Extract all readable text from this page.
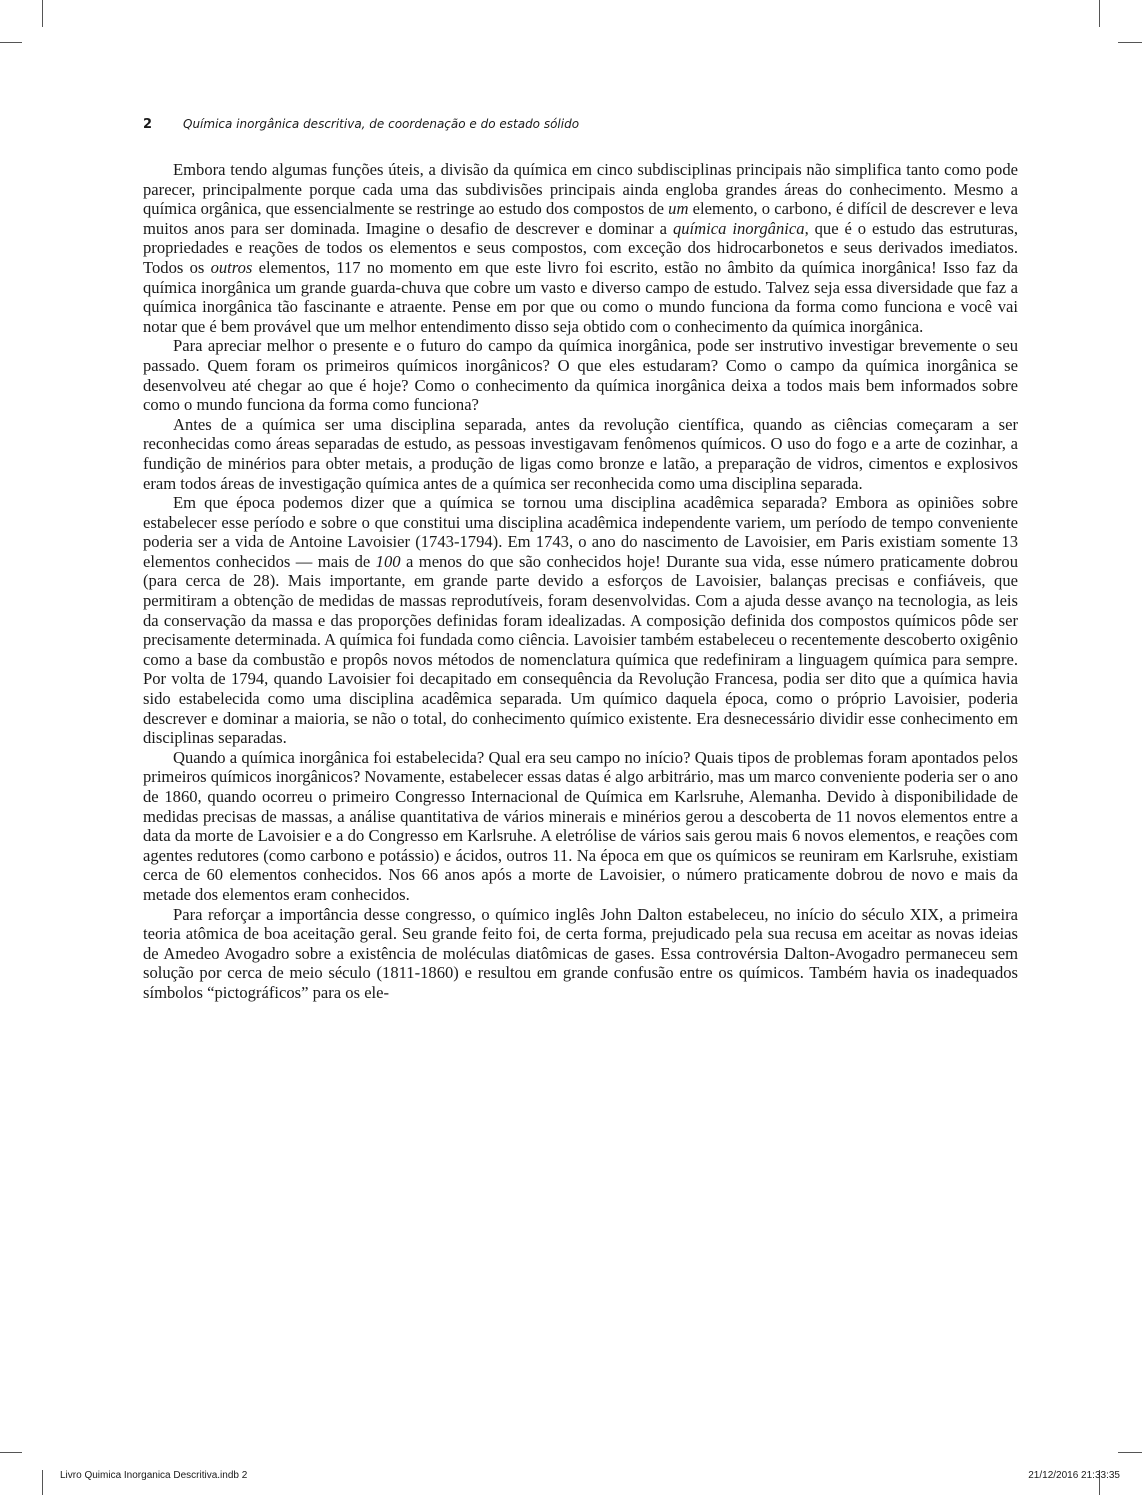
2	Química inorgânica descritiva, de coordenação e do estado sólido

Embora tendo algumas funções úteis, a divisão da química em cinco subdisciplinas principais não simplifica tanto como pode parecer, principalmente porque cada uma das subdivisões principais ainda engloba grandes áreas do conhecimento. Mesmo a química orgânica, que essencialmente se restringe ao estudo dos compostos de um elemento, o carbono, é difícil de descrever e leva muitos anos para ser dominada. Imagine o desafio de descrever e dominar a química inorgânica, que é o estudo das estruturas, propriedades e reações de todos os elementos e seus compostos, com exceção dos hidrocarbonetos e seus derivados imediatos. Todos os outros elementos, 117 no momento em que este livro foi escrito, estão no âmbito da química inorgânica! Isso faz da química inorgânica um grande guarda-chuva que cobre um vasto e diverso campo de estudo. Talvez seja essa diversidade que faz a química inorgânica tão fascinante e atraente. Pense em por que ou como o mundo funciona da forma como funciona e você vai notar que é bem provável que um melhor entendimento disso seja obtido com o conhecimento da química inorgânica.

Para apreciar melhor o presente e o futuro do campo da química inorgânica, pode ser instrutivo investigar brevemente o seu passado. Quem foram os primeiros químicos inorgânicos? O que eles estudaram? Como o campo da química inorgânica se desenvolveu até chegar ao que é hoje? Como o conhecimento da química inorgânica deixa a todos mais bem informados sobre como o mundo funciona da forma como funciona?

Antes de a química ser uma disciplina separada, antes da revolução científica, quando as ciências começaram a ser reconhecidas como áreas separadas de estudo, as pessoas investigavam fenômenos químicos. O uso do fogo e a arte de cozinhar, a fundição de minérios para obter metais, a produção de ligas como bronze e latão, a preparação de vidros, cimentos e explosivos eram todos áreas de investigação química antes de a química ser reconhecida como uma disciplina separada.

Em que época podemos dizer que a química se tornou uma disciplina acadêmica separada? Embora as opiniões sobre estabelecer esse período e sobre o que constitui uma disciplina acadêmica independente variem, um período de tempo conveniente poderia ser a vida de Antoine Lavoisier (1743-1794). Em 1743, o ano do nascimento de Lavoisier, em Paris existiam somente 13 elementos conhecidos — mais de 100 a menos do que são conhecidos hoje! Durante sua vida, esse número praticamente dobrou (para cerca de 28). Mais importante, em grande parte devido a esforços de Lavoisier, balanças precisas e confiáveis, que permitiram a obtenção de medidas de massas reprodutíveis, foram desenvolvidas. Com a ajuda desse avanço na tecnologia, as leis da conservação da massa e das proporções definidas foram idealizadas. A composição definida dos compostos químicos pôde ser precisamente determinada. A química foi fundada como ciência. Lavoisier também estabeleceu o recentemente descoberto oxigênio como a base da combustão e propôs novos métodos de nomenclatura química que redefiniram a linguagem química para sempre. Por volta de 1794, quando Lavoisier foi decapitado em consequência da Revolução Francesa, podia ser dito que a química havia sido estabelecida como uma disciplina acadêmica separada. Um químico daquela época, como o próprio Lavoisier, poderia descrever e dominar a maioria, se não o total, do conhecimento químico existente. Era desnecessário dividir esse conhecimento em disciplinas separadas.

Quando a química inorgânica foi estabelecida? Qual era seu campo no início? Quais tipos de problemas foram apontados pelos primeiros químicos inorgânicos? Novamente, estabelecer essas datas é algo arbitrário, mas um marco conveniente poderia ser o ano de 1860, quando ocorreu o primeiro Congresso Internacional de Química em Karlsruhe, Alemanha. Devido à disponibilidade de medidas precisas de massas, a análise quantitativa de vários minerais e minérios gerou a descoberta de 11 novos elementos entre a data da morte de Lavoisier e a do Congresso em Karlsruhe. A eletrólise de vários sais gerou mais 6 novos elementos, e reações com agentes redutores (como carbono e potássio) e ácidos, outros 11. Na época em que os químicos se reuniram em Karlsruhe, existiam cerca de 60 elementos conhecidos. Nos 66 anos após a morte de Lavoisier, o número praticamente dobrou de novo e mais da metade dos elementos eram conhecidos.

Para reforçar a importância desse congresso, o químico inglês John Dalton estabeleceu, no início do século XIX, a primeira teoria atômica de boa aceitação geral. Seu grande feito foi, de certa forma, prejudicado pela sua recusa em aceitar as novas ideias de Amedeo Avogadro sobre a existência de moléculas diatômicas de gases. Essa controvérsia Dalton-Avogadro permaneceu sem solução por cerca de meio século (1811-1860) e resultou em grande confusão entre os químicos. Também havia os inadequados símbolos “pictográficos” para os ele-

Livro Quimica Inorganica Descritiva.indb 2	21/12/2016 21:33:35
